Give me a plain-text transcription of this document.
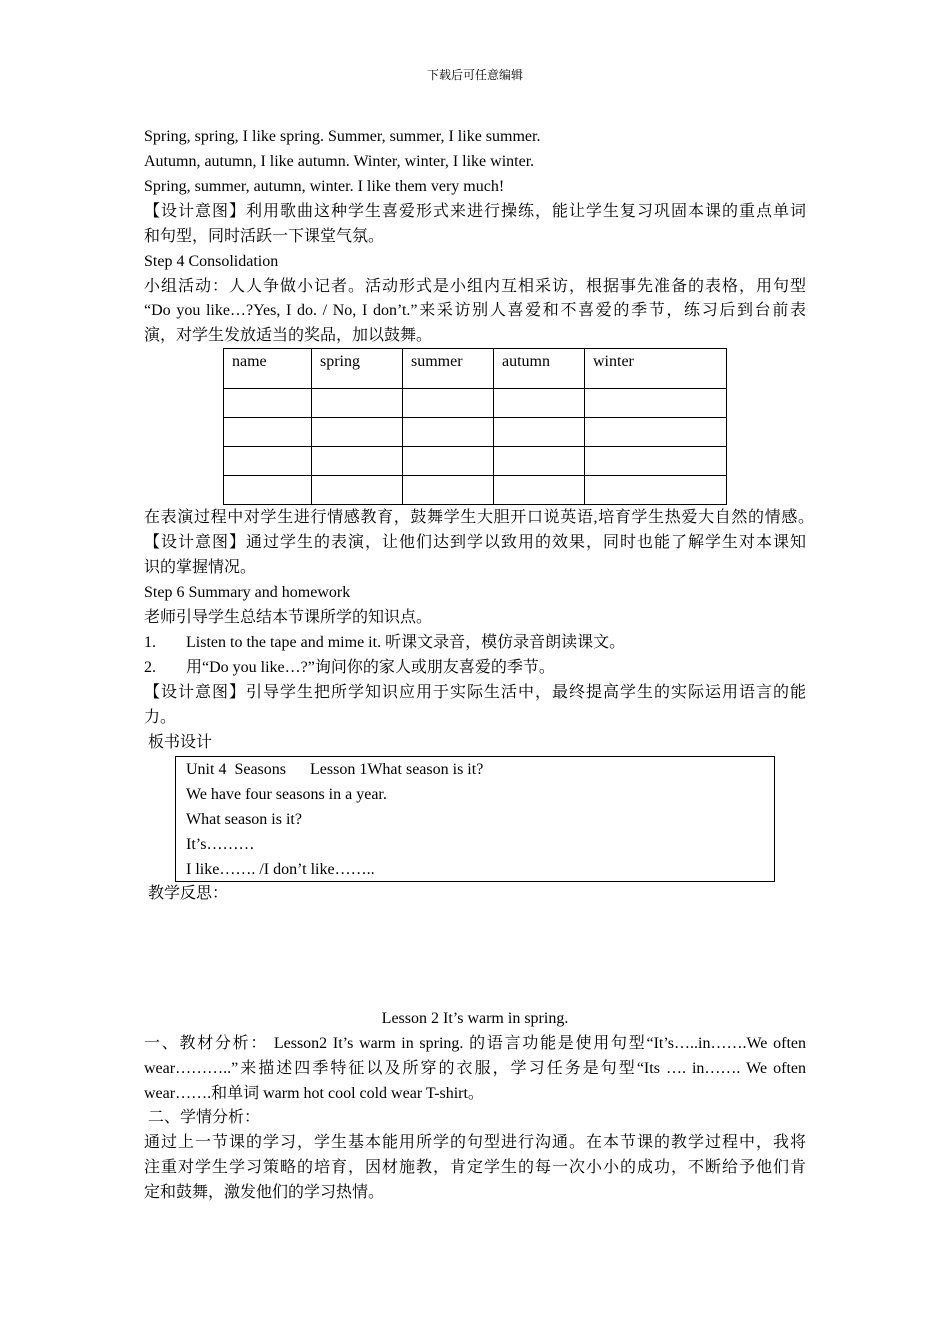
下载后可任意编辑
Spring, spring, I like spring. Summer, summer, I like summer.
Autumn, autumn, I like autumn. Winter, winter, I like winter.
Spring, summer, autumn, winter. I like them very much!
【设计意图】利用歌曲这种学生喜爱形式来进行操练，能让学生复习巩固本课的重点单词
和句型，同时活跃一下课堂气氛。
Step 4 Consolidation
小组活动：人人争做小记者。活动形式是小组内互相采访，根据事先准备的表格，用句型
“Do you like…?Yes, I do. / No, I don’t.”来采访别人喜爱和不喜爱的季节，练习后到台前表
演，对学生发放适当的奖品，加以鼓舞。
name	spring	summer	autumn	winter

在表演过程中对学生进行情感教育，鼓舞学生大胆开口说英语,培育学生热爱大自然的情感。
【设计意图】通过学生的表演，让他们达到学以致用的效果，同时也能了解学生对本课知
识的掌握情况。
Step 6 Summary and homework
老师引导学生总结本节课所学的知识点。
1. Listen to the tape and mime it. 听课文录音，模仿录音朗读课文。
2. 用“Do you like…?”询问你的家人或朋友喜爱的季节。
【设计意图】引导学生把所学知识应用于实际生活中，最终提高学生的实际运用语言的能
力。
板书设计
Unit 4  Seasons      Lesson 1What season is it?
We have four seasons in a year.
What season is it?
It’s………
I like……. /I don’t like……..
教学反思：
Lesson 2 It’s warm in spring.
一、教材分析： Lesson2 It’s warm in spring. 的语言功能是使用句型“It’s…..in…….We often
wear………..”来描述四季特征以及所穿的衣服，学习任务是句型“Its …. in……. We often
wear…….和单词 warm hot cool cold wear T-shirt。
二、学情分析：
通过上一节课的学习，学生基本能用所学的句型进行沟通。在本节课的教学过程中，我将
注重对学生学习策略的培育，因材施教，肯定学生的每一次小小的成功，不断给予他们肯
定和鼓舞，激发他们的学习热情。
